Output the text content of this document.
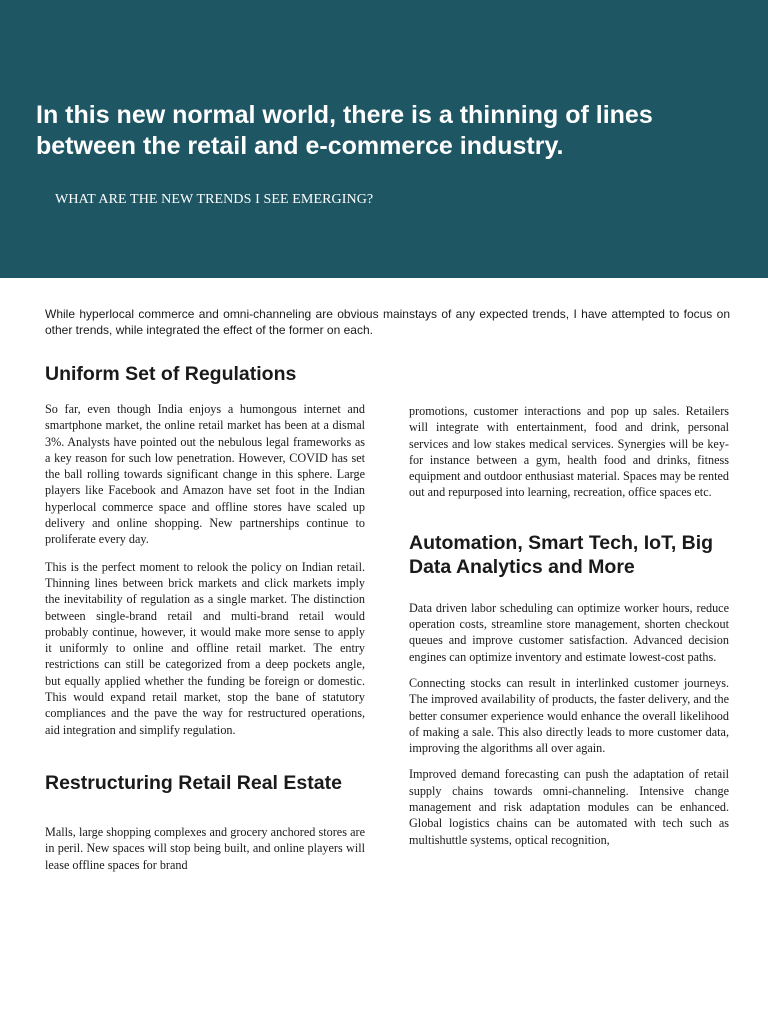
In this new normal world, there is a thinning of lines between the retail and e-commerce industry.
WHAT ARE THE NEW TRENDS I SEE EMERGING?

While hyperlocal commerce and omni-channeling are obvious mainstays of any expected trends, I have attempted to focus on other trends, while integrated the effect of the former on each.

Uniform Set of Regulations

So far, even though India enjoys a humongous internet and smartphone market, the online retail market has been at a dismal 3%. Analysts have pointed out the nebulous legal frameworks as a key reason for such low penetration. However, COVID has set the ball rolling towards significant change in this sphere. Large players like Facebook and Amazon have set foot in the Indian hyperlocal commerce space and offline stores have scaled up delivery and online shopping. New partnerships continue to proliferate every day.

This is the perfect moment to relook the policy on Indian retail. Thinning lines between brick markets and click markets imply the inevitability of regulation as a single market. The distinction between single-brand retail and multi-brand retail would probably continue, however, it would make more sense to apply it uniformly to online and offline retail market. The entry restrictions can still be categorized from a deep pockets angle, but equally applied whether the funding be foreign or domestic. This would expand retail market, stop the bane of statutory compliances and the pave the way for restructured operations, aid integration and simplify regulation.

Restructuring Retail Real Estate

Malls, large shopping complexes and grocery anchored stores are in peril. New spaces will stop being built, and online players will lease offline spaces for brand

promotions, customer interactions and pop up sales. Retailers will integrate with entertainment, food and drink, personal services and low stakes medical services. Synergies will be key- for instance between a gym, health food and drinks, fitness equipment and outdoor enthusiast material. Spaces may be rented out and repurposed into learning, recreation, office spaces etc.

Automation, Smart Tech, IoT, Big Data Analytics and More

Data driven labor scheduling can optimize worker hours, reduce operation costs, streamline store management, shorten checkout queues and improve customer satisfaction. Advanced decision engines can optimize inventory and estimate lowest-cost paths.

Connecting stocks can result in interlinked customer journeys. The improved availability of products, the faster delivery, and the better consumer experience would enhance the overall likelihood of making a sale. This also directly leads to more customer data, improving the algorithms all over again.

Improved demand forecasting can push the adaptation of retail supply chains towards omni-channeling. Intensive change management and risk adaptation modules can be enhanced. Global logistics chains can be automated with tech such as multishuttle systems, optical recognition,
